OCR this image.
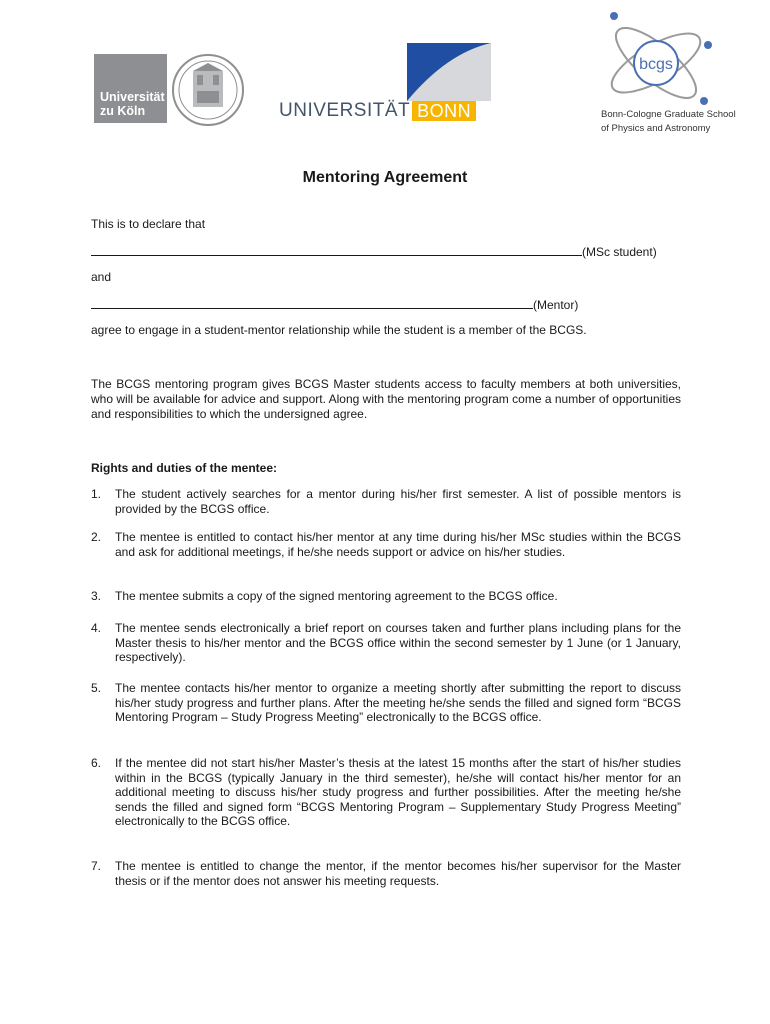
Universität
zu Köln	UNIVERSITÄT BONN
bcgs
Bonn-Cologne Graduate School
of Physics and Astronomy
Mentoring Agreement
This is to declare that
(MSc student)
and
(Mentor)
agree to engage in a student-mentor relationship while the student is a member of the BCGS.
The BCGS mentoring program gives BCGS Master students access to faculty members at both universities, who will be available for advice and support. Along with the mentoring program come a number of opportunities and responsibilities to which the undersigned agree.
Rights and duties of the mentee:
1.	The student actively searches for a mentor during his/her first semester. A list of possible mentors is provided by the BCGS office.
2.	The mentee is entitled to contact his/her mentor at any time during his/her MSc studies within the BCGS and ask for additional meetings, if he/she needs support or advice on his/her studies.
3.	The mentee submits a copy of the signed mentoring agreement to the BCGS office.
4.	The mentee sends electronically a brief report on courses taken and further plans including plans for the Master thesis to his/her mentor and the BCGS office within the second semester by 1 June (or 1 January, respectively).
5.	The mentee contacts his/her mentor to organize a meeting shortly after submitting the report to discuss his/her study progress and further plans. After the meeting he/she sends the filled and signed form “BCGS Mentoring Program – Study Progress Meeting” electronically to the BCGS office.
6.	If the mentee did not start his/her Master’s thesis at the latest 15 months after the start of his/her studies within in the BCGS (typically January in the third semester), he/she will contact his/her mentor for an additional meeting to discuss his/her study progress and further possibilities. After the meeting he/she sends the filled and signed form “BCGS Mentoring Program – Supplementary Study Progress Meeting” electronically to the BCGS office.
7.	The mentee is entitled to change the mentor, if the mentor becomes his/her supervisor for the Master thesis or if the mentor does not answer his meeting requests.
